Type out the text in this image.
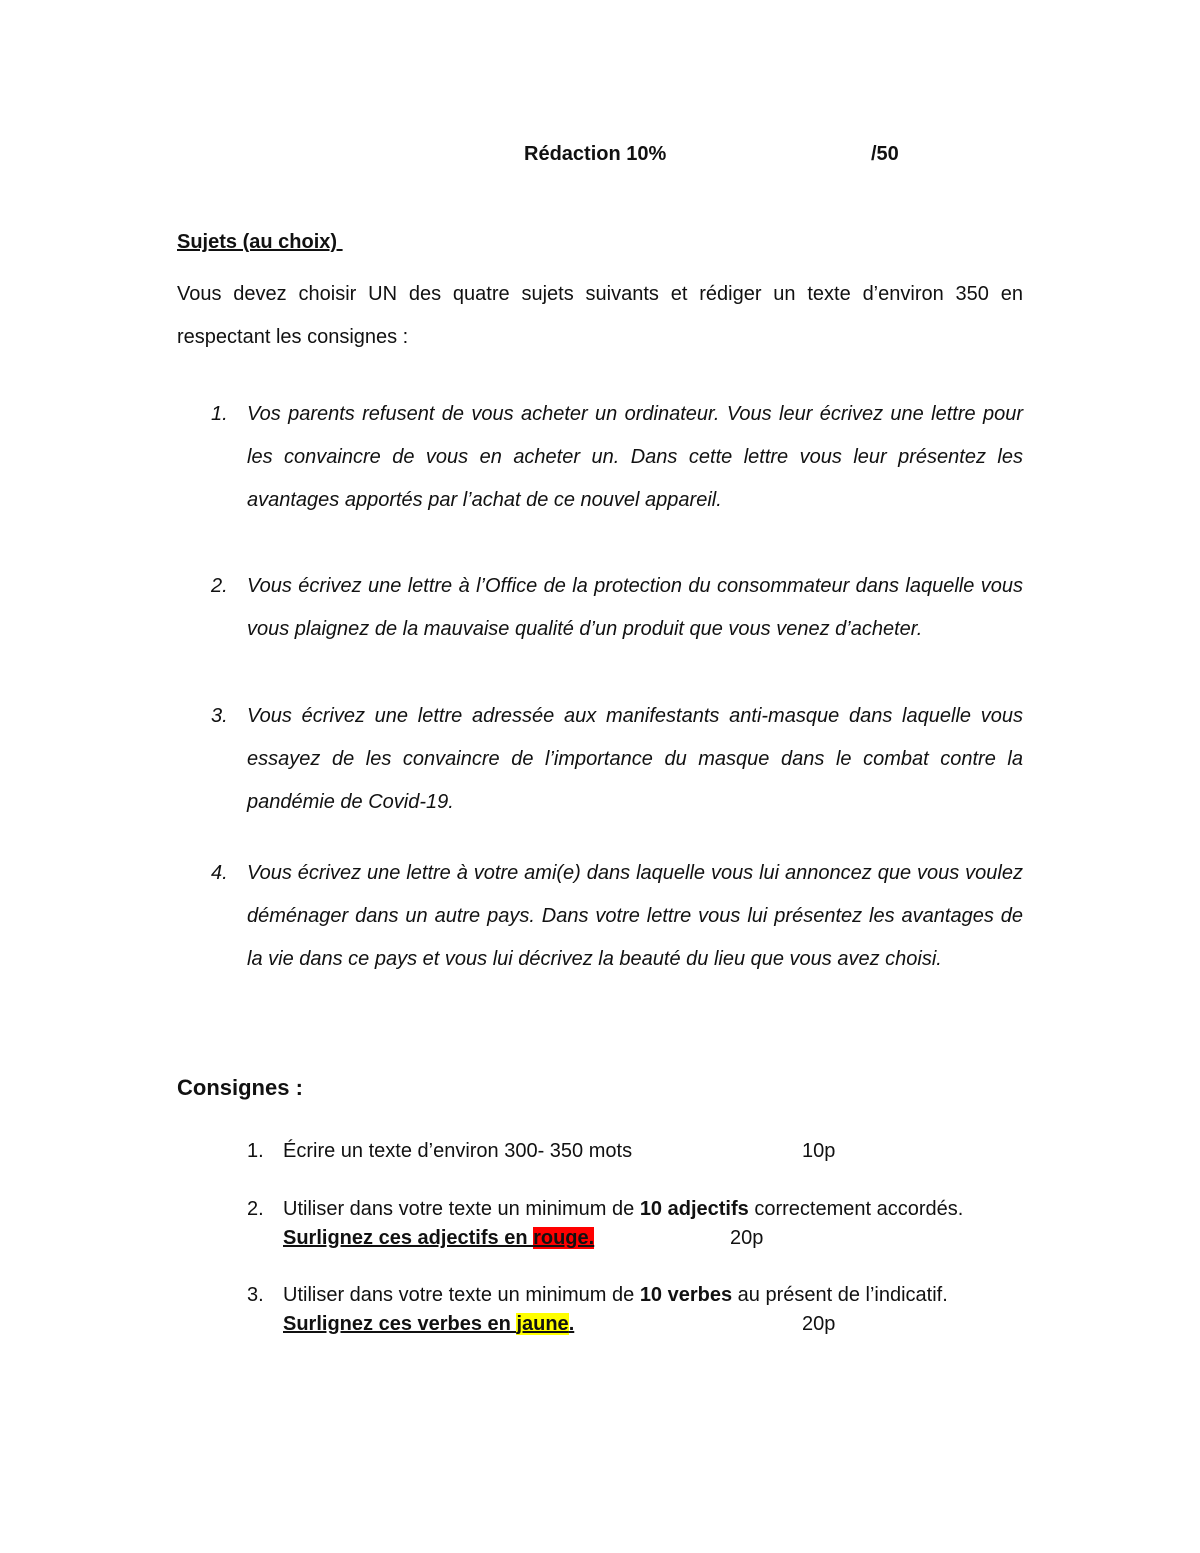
Rédaction 10%	/50
Sujets (au choix)
Vous devez choisir UN des quatre sujets suivants et rédiger un texte d’environ 350 en respectant les consignes :
1. Vos parents refusent de vous acheter un ordinateur. Vous leur écrivez une lettre pour les convaincre de vous en acheter un. Dans cette lettre vous leur présentez les avantages apportés par l’achat de ce nouvel appareil.
2. Vous écrivez une lettre à l’Office de la protection du consommateur dans laquelle vous vous plaignez de la mauvaise qualité d’un produit que vous venez d’acheter.
3. Vous écrivez une lettre adressée aux manifestants anti-masque dans laquelle vous essayez de les convaincre de l’importance du masque dans le combat contre la pandémie de Covid-19.
4. Vous écrivez une lettre à votre ami(e) dans laquelle vous lui annoncez que vous voulez déménager dans un autre pays. Dans votre lettre vous lui présentez les avantages de la vie dans ce pays et vous lui décrivez la beauté du lieu que vous avez choisi.
Consignes :
1. Écrire un texte d’environ 300- 350 mots	10p
2. Utiliser dans votre texte un minimum de 10 adjectifs correctement accordés.
Surlignez ces adjectifs en rouge.	20p
3. Utiliser dans votre texte un minimum de 10 verbes au présent de l’indicatif.
Surlignez ces verbes en jaune.	20p
